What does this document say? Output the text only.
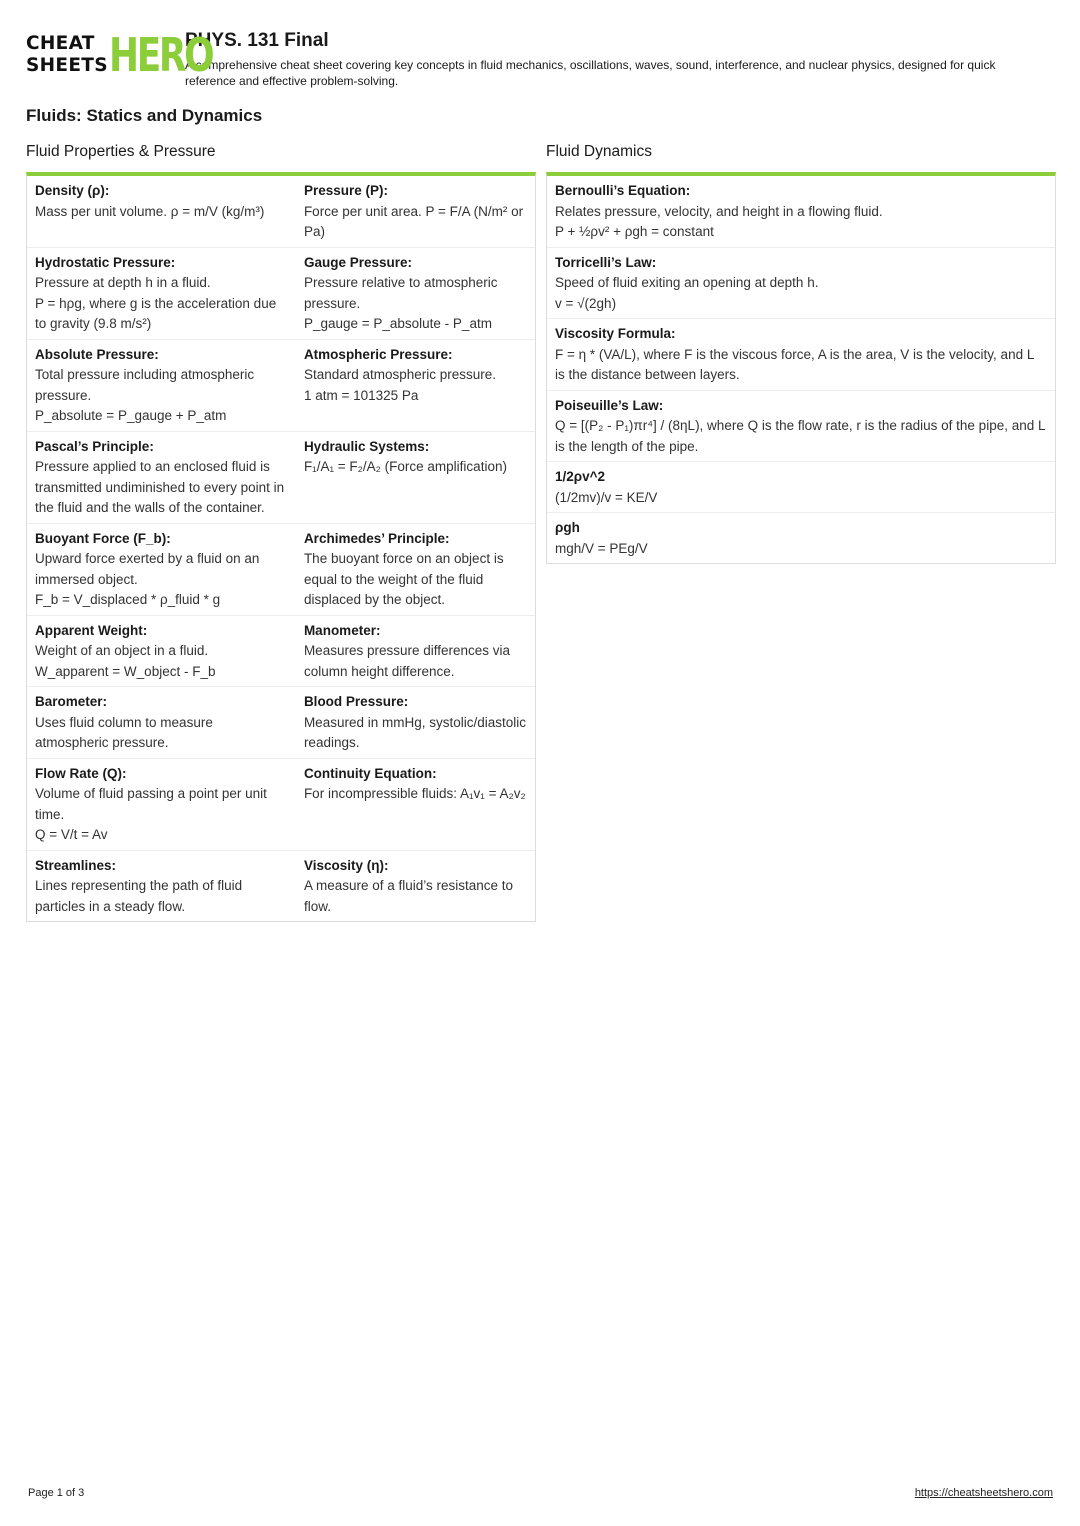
CHEAT
SHEETS HERO
PHYS. 131 Final
A comprehensive cheat sheet covering key concepts in fluid mechanics, oscillations, waves, sound, interference, and nuclear physics, designed for quick reference and effective problem-solving.
Fluids: Statics and Dynamics
Fluid Properties & Pressure
Density (ρ):
Mass per unit volume. ρ = m/V (kg/m³)
Pressure (P):
Force per unit area. P = F/A (N/m² or Pa)
Hydrostatic Pressure:
Pressure at depth h in a fluid.
P = hρg, where g is the acceleration due to gravity (9.8 m/s²)
Gauge Pressure:
Pressure relative to atmospheric pressure.
P_gauge = P_absolute - P_atm
Absolute Pressure:
Total pressure including atmospheric pressure.
P_absolute = P_gauge + P_atm
Atmospheric Pressure:
Standard atmospheric pressure.
1 atm = 101325 Pa
Pascal’s Principle:
Pressure applied to an enclosed fluid is transmitted undiminished to every point in the fluid and the walls of the container.
Hydraulic Systems:
F₁/A₁ = F₂/A₂ (Force amplification)
Buoyant Force (F_b):
Upward force exerted by a fluid on an immersed object.
F_b = V_displaced * ρ_fluid * g
Archimedes’ Principle:
The buoyant force on an object is equal to the weight of the fluid displaced by the object.
Apparent Weight:
Weight of an object in a fluid.
W_apparent = W_object - F_b
Manometer:
Measures pressure differences via column height difference.
Barometer:
Uses fluid column to measure atmospheric pressure.
Blood Pressure:
Measured in mmHg, systolic/diastolic readings.
Flow Rate (Q):
Volume of fluid passing a point per unit time.
Q = V/t = Av
Continuity Equation:
For incompressible fluids: A₁v₁ = A₂v₂
Streamlines:
Lines representing the path of fluid particles in a steady flow.
Viscosity (η):
A measure of a fluid’s resistance to flow.
Fluid Dynamics
Bernoulli’s Equation:
Relates pressure, velocity, and height in a flowing fluid.
P + ½ρv² + ρgh = constant
Torricelli’s Law:
Speed of fluid exiting an opening at depth h.
v = √(2gh)
Viscosity Formula:
F = η * (VA/L), where F is the viscous force, A is the area, V is the velocity, and L is the distance between layers.
Poiseuille’s Law:
Q = [(P₂ - P₁)πr⁴] / (8ηL), where Q is the flow rate, r is the radius of the pipe, and L is the length of the pipe.
1/2ρv^2
(1/2mv)/v = KE/V
ρgh
mgh/V = PEg/V
Page 1 of 3	https://cheatsheetshero.com
